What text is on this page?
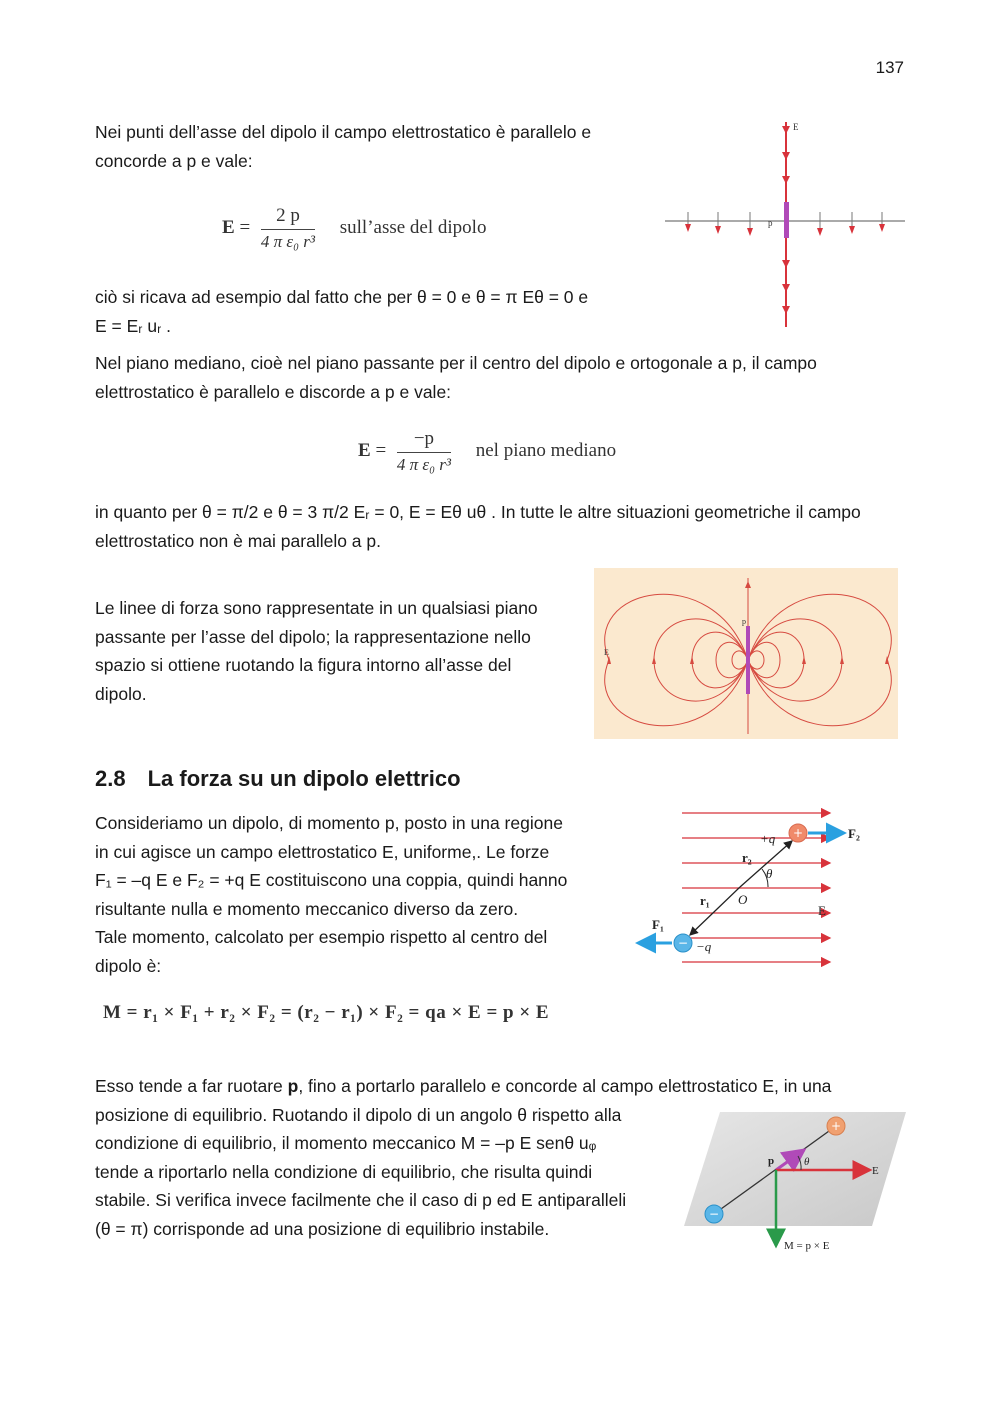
137
Nei punti dell’asse del dipolo il campo elettrostatico è parallelo e
concorde a p e vale:
$E = \frac{2 p}{\text{4 π ε₀ r³}}$ sull’asse del dipolo
E
p
ciò si ricava ad esempio dal fatto che per θ = 0 e θ = π Eθ = 0 e
E = Eᵣ uᵣ .
Nel piano mediano, cioè nel piano passante per il centro del dipolo e ortogonale a p, il campo
elettrostatico è parallelo e discorde a p e vale:
$E = \frac{-p}{\text{4 π ε₀ r³}}$ nel piano mediano
in quanto per θ = π/2 e θ = 3 π/2 Eᵣ = 0, E = Eθ uθ . In tutte le altre situazioni geometriche il campo
elettrostatico non è mai parallelo a p.
Le linee di forza sono rappresentate in un qualsiasi piano
passante per l’asse del dipolo; la rappresentazione nello
spazio si ottiene ruotando la figura intorno all’asse del
dipolo.
p
E
2.8 La forza su un dipolo elettrico
Consideriamo un dipolo, di momento p, posto in una regione
in cui agisce un campo elettrostatico E, uniforme,. Le forze
F₁ = –q E e F₂ = +q E costituiscono una coppia, quindi hanno
risultante nulla e momento meccanico diverso da zero.
Tale momento, calcolato per esempio rispetto al centro del
dipolo è:
+
−
+q
−q
F₂
F₁
r₂
r₁
θ
O
E
M = r₁ × F₁ + r₂ × F₂ = (r₂ − r₁) × F₂ = qa × E = p × E
Esso tende a far ruotare p, fino a portarlo parallelo e concorde al campo elettrostatico E, in una
posizione di equilibrio. Ruotando il dipolo di un angolo θ rispetto alla
condizione di equilibrio, il momento meccanico M = –p E senθ uᵩ
tende a riportarlo nella condizione di equilibrio, che risulta quindi
stabile. Si verifica invece facilmente che il caso di p ed E antiparalleli
(θ = π) corrisponde ad una posizione di equilibrio instabile.
+
−
p	θ
E
M = p × E
